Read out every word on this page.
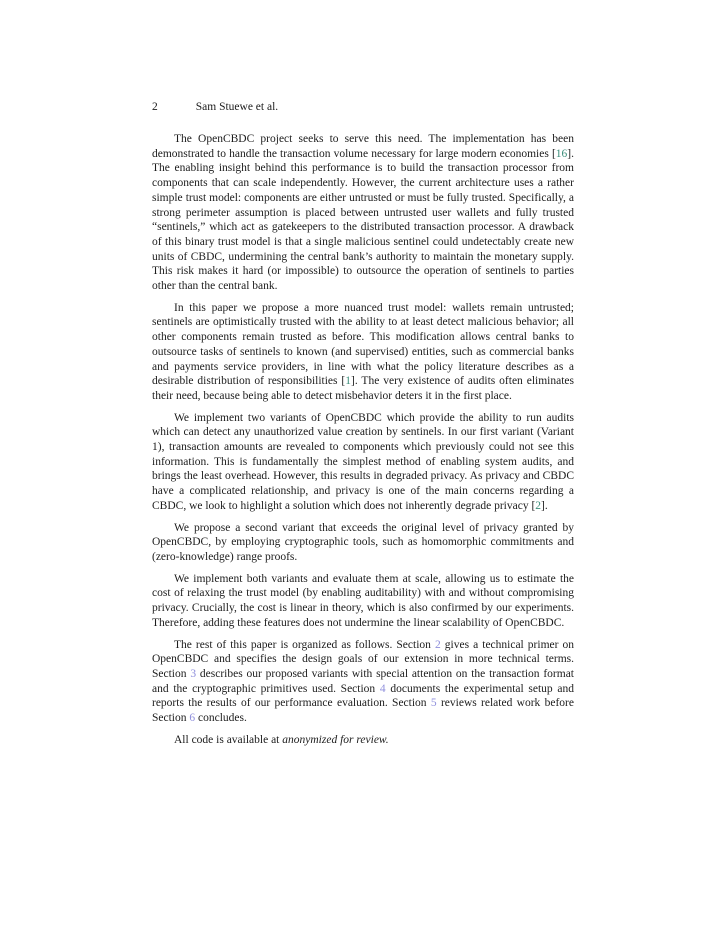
2	Sam Stuewe et al.

The OpenCBDC project seeks to serve this need. The implementation has been demonstrated to handle the transaction volume necessary for large modern economies [16]. The enabling insight behind this performance is to build the transaction processor from components that can scale independently. However, the current architecture uses a rather simple trust model: components are either untrusted or must be fully trusted. Specifically, a strong perimeter assumption is placed between untrusted user wallets and fully trusted “sentinels,” which act as gatekeepers to the distributed transaction processor. A drawback of this binary trust model is that a single malicious sentinel could undetectably create new units of CBDC, undermining the central bank’s authority to maintain the monetary supply. This risk makes it hard (or impossible) to outsource the operation of sentinels to parties other than the central bank.

In this paper we propose a more nuanced trust model: wallets remain untrusted; sentinels are optimistically trusted with the ability to at least detect malicious behavior; all other components remain trusted as before. This modification allows central banks to outsource tasks of sentinels to known (and supervised) entities, such as commercial banks and payments service providers, in line with what the policy literature describes as a desirable distribution of responsibilities [1]. The very existence of audits often eliminates their need, because being able to detect misbehavior deters it in the first place.

We implement two variants of OpenCBDC which provide the ability to run audits which can detect any unauthorized value creation by sentinels. In our first variant (Variant 1), transaction amounts are revealed to components which previously could not see this information. This is fundamentally the simplest method of enabling system audits, and brings the least overhead. However, this results in degraded privacy. As privacy and CBDC have a complicated relationship, and privacy is one of the main concerns regarding a CBDC, we look to highlight a solution which does not inherently degrade privacy [2].

We propose a second variant that exceeds the original level of privacy granted by OpenCBDC, by employing cryptographic tools, such as homomorphic commitments and (zero-knowledge) range proofs.

We implement both variants and evaluate them at scale, allowing us to estimate the cost of relaxing the trust model (by enabling auditability) with and without compromising privacy. Crucially, the cost is linear in theory, which is also confirmed by our experiments. Therefore, adding these features does not undermine the linear scalability of OpenCBDC.

The rest of this paper is organized as follows. Section 2 gives a technical primer on OpenCBDC and specifies the design goals of our extension in more technical terms. Section 3 describes our proposed variants with special attention on the transaction format and the cryptographic primitives used. Section 4 documents the experimental setup and reports the results of our performance evaluation. Section 5 reviews related work before Section 6 concludes.

All code is available at anonymized for review.
